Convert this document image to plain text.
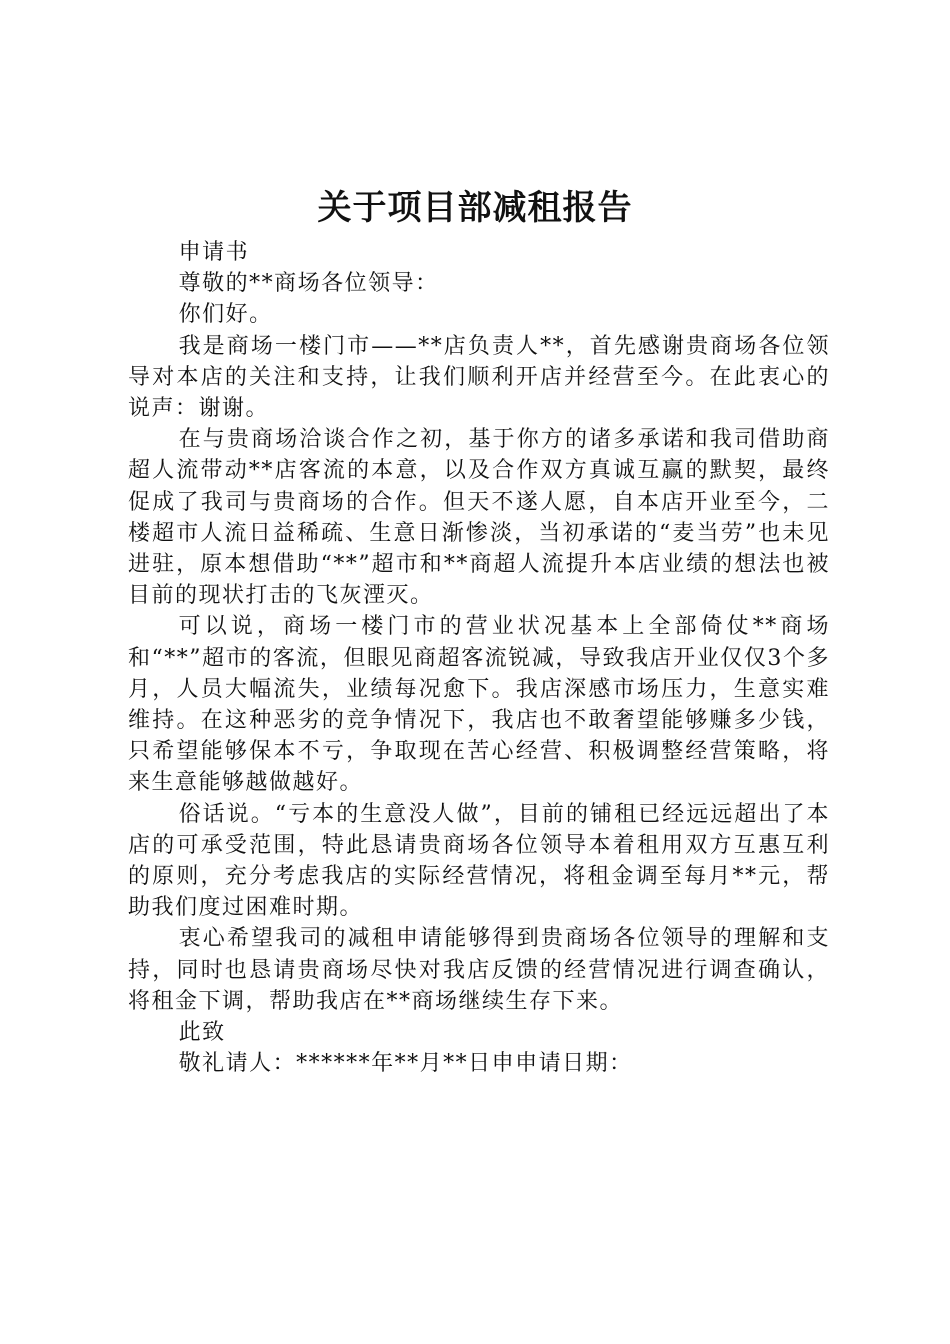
关于项目部减租报告

申请书

尊敬的**商场各位领导：

你们好。

我是商场一楼门市——**店负责人**，首先感谢贵商场各位领导对本店的关注和支持，让我们顺利开店并经营至今。在此衷心的说声：谢谢。

在与贵商场洽谈合作之初，基于你方的诸多承诺和我司借助商超人流带动**店客流的本意，以及合作双方真诚互赢的默契，最终促成了我司与贵商场的合作。但天不遂人愿，自本店开业至今，二楼超市人流日益稀疏、生意日渐惨淡，当初承诺的“麦当劳”也未见进驻，原本想借助“**”超市和**商超人流提升本店业绩的想法也被目前的现状打击的飞灰湮灭。

可以说，商场一楼门市的营业状况基本上全部倚仗**商场和“**”超市的客流，但眼见商超客流锐减，导致我店开业仅仅3个多月，人员大幅流失，业绩每况愈下。我店深感市场压力，生意实难维持。在这种恶劣的竞争情况下，我店也不敢奢望能够赚多少钱，只希望能够保本不亏，争取现在苦心经营、积极调整经营策略，将来生意能够越做越好。

俗话说。“亏本的生意没人做”，目前的铺租已经远远超出了本店的可承受范围，特此恳请贵商场各位领导本着租用双方互惠互利的原则，充分考虑我店的实际经营情况，将租金调至每月**元，帮助我们度过困难时期。

衷心希望我司的减租申请能够得到贵商场各位领导的理解和支持，同时也恳请贵商场尽快对我店反馈的经营情况进行调查确认，将租金下调，帮助我店在**商场继续生存下来。

此致

敬礼请人：******年**月**日申申请日期：
